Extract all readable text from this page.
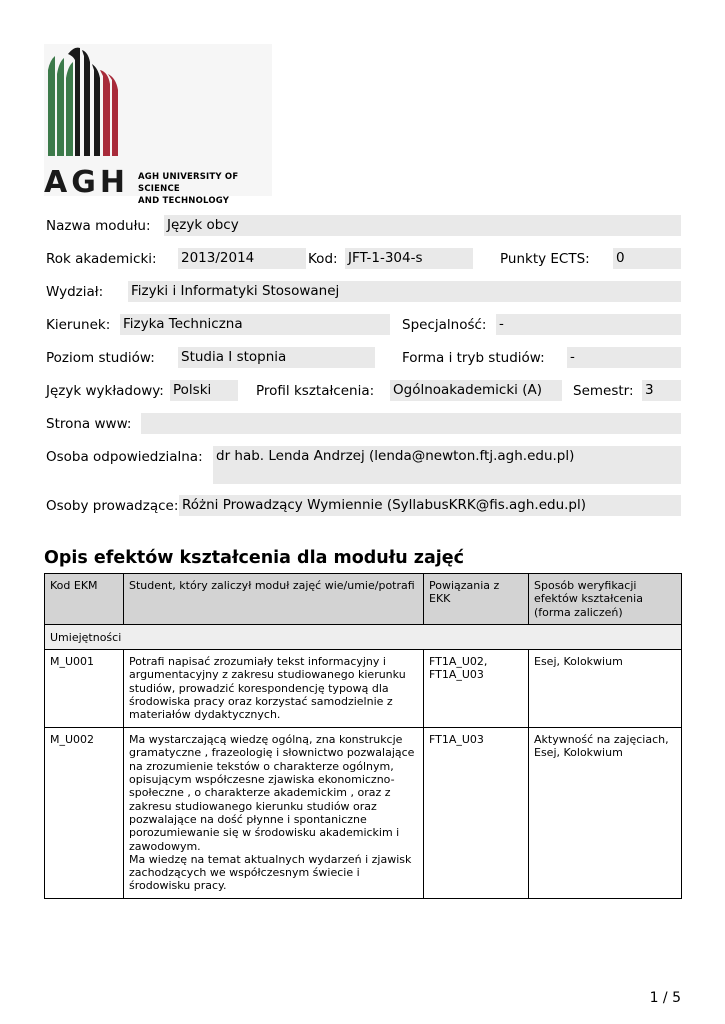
AGH AGH UNIVERSITY OF SCIENCE
AND TECHNOLOGY
Nazwa modułu: Język obcy
Rok akademicki: 2013/2014	Kod: JFT-1-304-s	Punkty ECTS: 0
Wydział: Fizyki i Informatyki Stosowanej
Kierunek: Fizyka Techniczna	Specjalność: -
Poziom studiów: Studia I stopnia	Forma i tryb studiów: -
Język wykładowy: Polski	Profil kształcenia: Ogólnoakademicki (A)	Semestr: 3
Strona www:
Osoba odpowiedzialna: dr hab. Lenda Andrzej (lenda@newton.ftj.agh.edu.pl)
Osoby prowadzące: Różni Prowadzący Wymiennie (SyllabusKRK@fis.agh.edu.pl)
Opis efektów kształcenia dla modułu zajęć
Kod EKM	Student, który zaliczył moduł zajęć wie/umie/potrafi	Powiązania z EKK	Sposób weryfikacji efektów kształcenia (forma zaliczeń)
Umiejętności			
M_U001	Potrafi napisać zrozumiały tekst informacyjny i argumentacyjny z zakresu studiowanego kierunku studiów, prowadzić korespondencję typową dla środowiska pracy oraz korzystać samodzielnie z materiałów dydaktycznych.	FT1A_U02, FT1A_U03	Esej, Kolokwium
M_U002	Ma wystarczającą wiedzę ogólną, zna konstrukcje gramatyczne , frazeologię i słownictwo pozwalające na zrozumienie tekstów o charakterze ogólnym, opisującym współczesne zjawiska ekonomiczno-społeczne , o charakterze akademickim , oraz z zakresu studiowanego kierunku studiów oraz pozwalające na dość płynne i spontaniczne porozumiewanie się w środowisku akademickim i zawodowym.
Ma wiedzę na temat aktualnych wydarzeń i zjawisk zachodzących we współczesnym świecie i środowisku pracy.	FT1A_U03	Aktywność na zajęciach, Esej, Kolokwium
1 / 5
